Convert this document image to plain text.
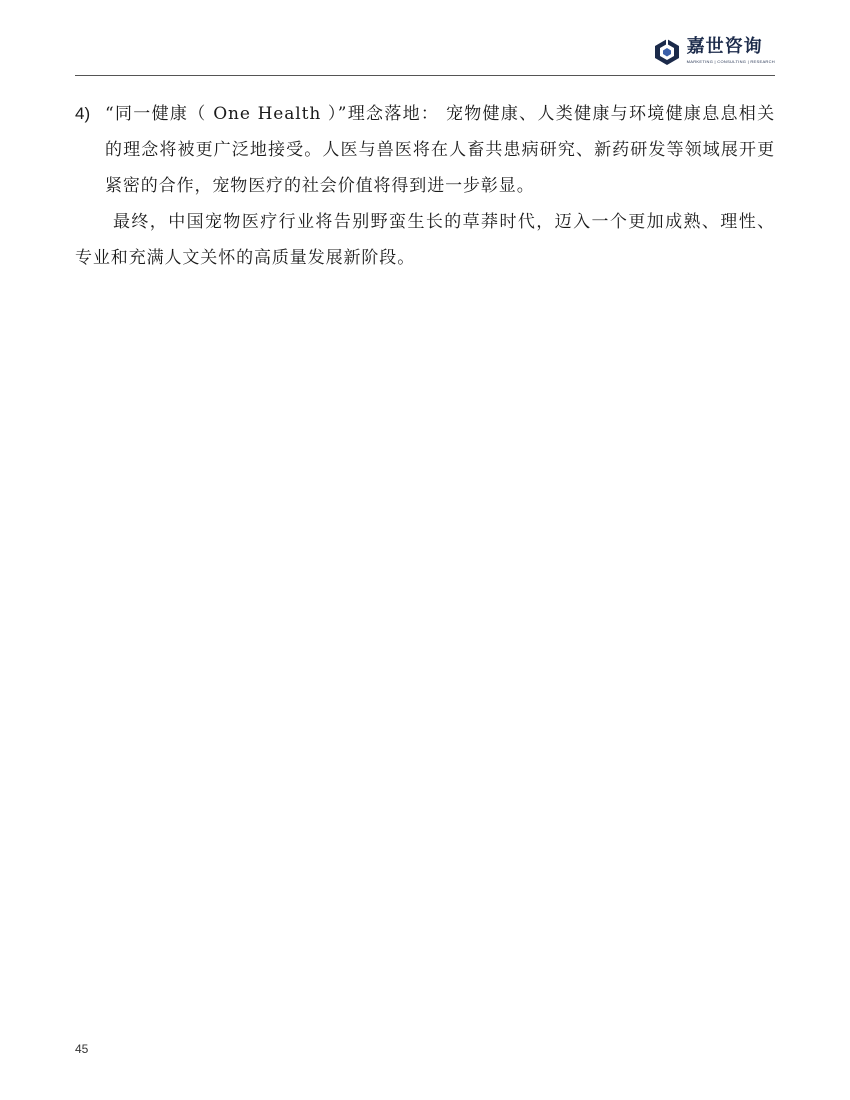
嘉世咨询
MARKETING | CONSULTING | RESEARCH
4) “同一健康（ One Health ）”理念落地： 宠物健康、人类健康与环境健康息息相关的理念将被更广泛地接受。人医与兽医将在人畜共患病研究、新药研发等领域展开更紧密的合作，宠物医疗的社会价值将得到进一步彰显。

最终，中国宠物医疗行业将告别野蛮生长的草莽时代，迈入一个更加成熟、理性、专业和充满人文关怀的高质量发展新阶段。

45
